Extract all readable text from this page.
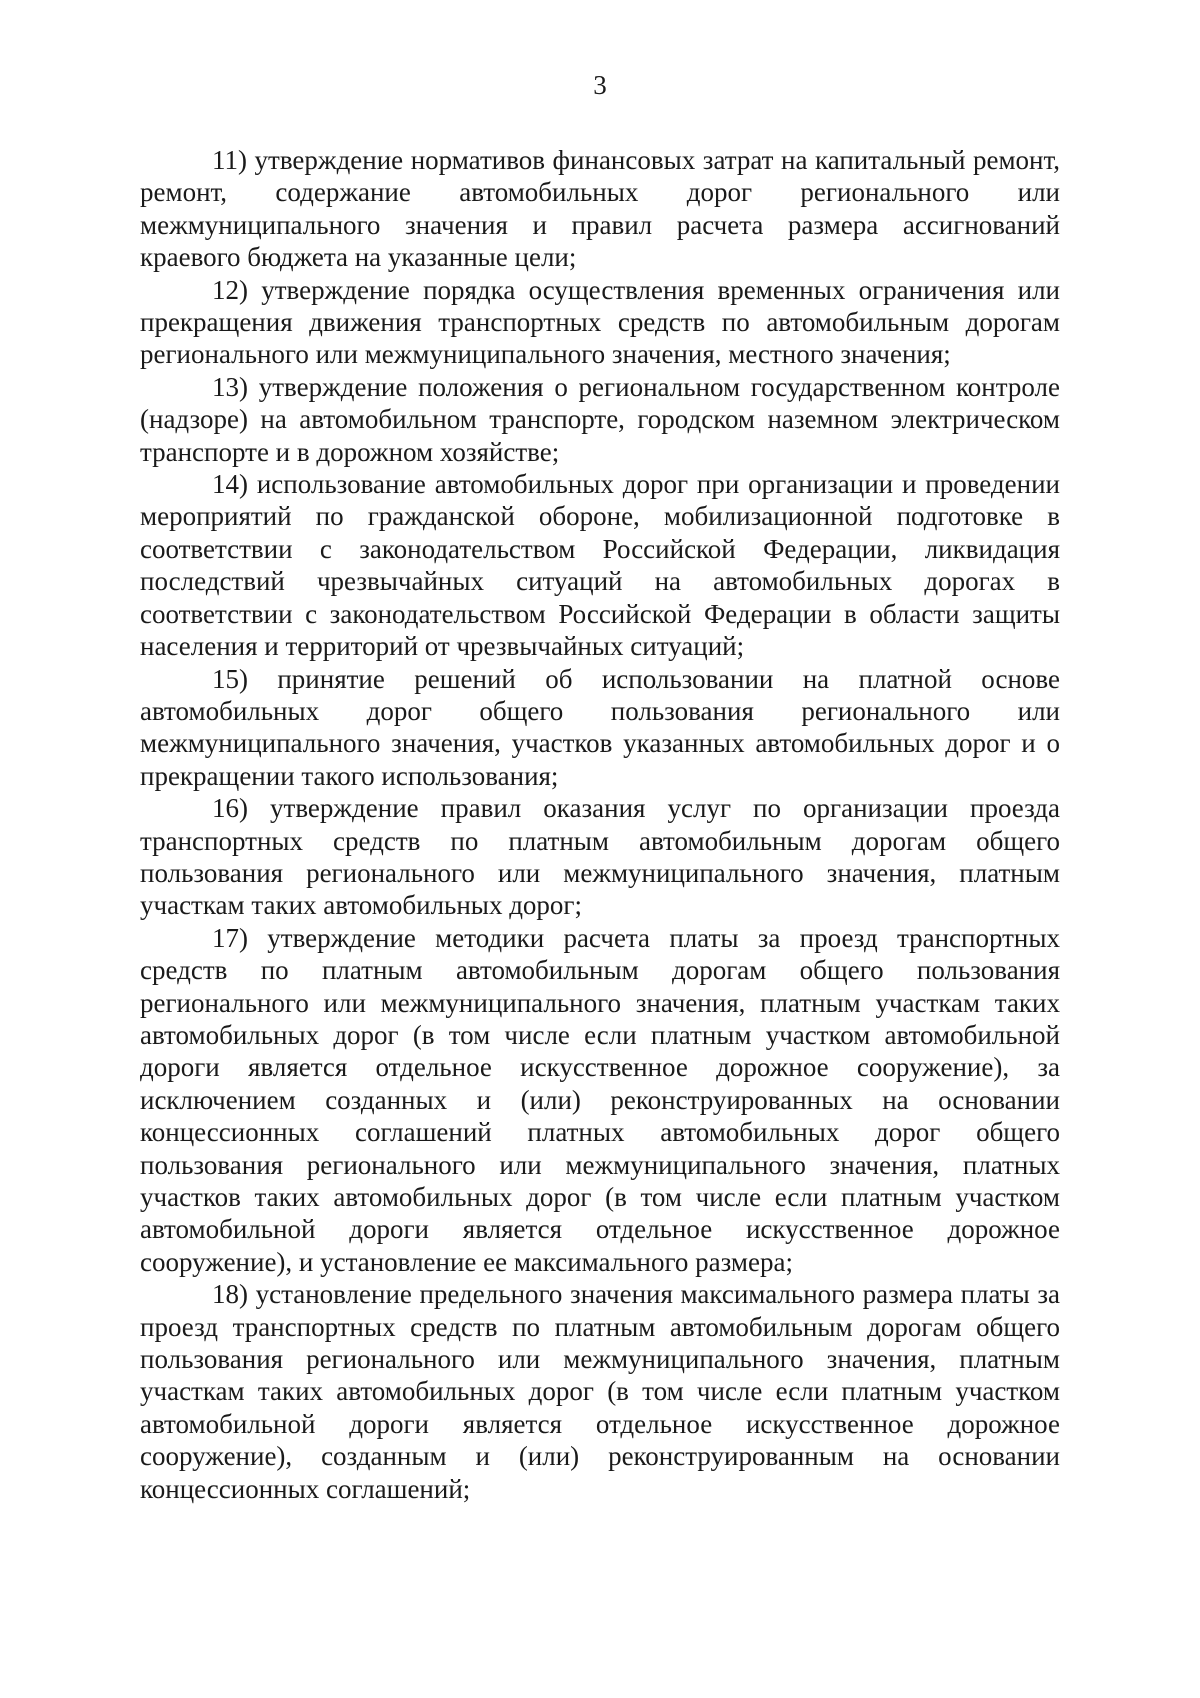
3

11) утверждение нормативов финансовых затрат на капитальный ремонт, ремонт, содержание автомобильных дорог регионального или межмуниципального значения и правил расчета размера ассигнований краевого бюджета на указанные цели;

12) утверждение порядка осуществления временных ограничения или прекращения движения транспортных средств по автомобильным дорогам регионального или межмуниципального значения, местного значения;

13) утверждение положения о региональном государственном контроле (надзоре) на автомобильном транспорте, городском наземном электрическом транспорте и в дорожном хозяйстве;

14) использование автомобильных дорог при организации и проведении мероприятий по гражданской обороне, мобилизационной подготовке в соответствии с законодательством Российской Федерации, ликвидация последствий чрезвычайных ситуаций на автомобильных дорогах в соответствии с законодательством Российской Федерации в области защиты населения и территорий от чрезвычайных ситуаций;

15) принятие решений об использовании на платной основе автомобильных дорог общего пользования регионального или межмуниципального значения, участков указанных автомобильных дорог и о прекращении такого использования;

16) утверждение правил оказания услуг по организации проезда транспортных средств по платным автомобильным дорогам общего пользования регионального или межмуниципального значения, платным участкам таких автомобильных дорог;

17) утверждение методики расчета платы за проезд транспортных средств по платным автомобильным дорогам общего пользования регионального или межмуниципального значения, платным участкам таких автомобильных дорог (в том числе если платным участком автомобильной дороги является отдельное искусственное дорожное сооружение), за исключением созданных и (или) реконструированных на основании концессионных соглашений платных автомобильных дорог общего пользования регионального или межмуниципального значения, платных участков таких автомобильных дорог (в том числе если платным участком автомобильной дороги является отдельное искусственное дорожное сооружение), и установление ее максимального размера;

18) установление предельного значения максимального размера платы за проезд транспортных средств по платным автомобильным дорогам общего пользования регионального или межмуниципального значения, платным участкам таких автомобильных дорог (в том числе если платным участком автомобильной дороги является отдельное искусственное дорожное сооружение), созданным и (или) реконструированным на основании концессионных соглашений;
